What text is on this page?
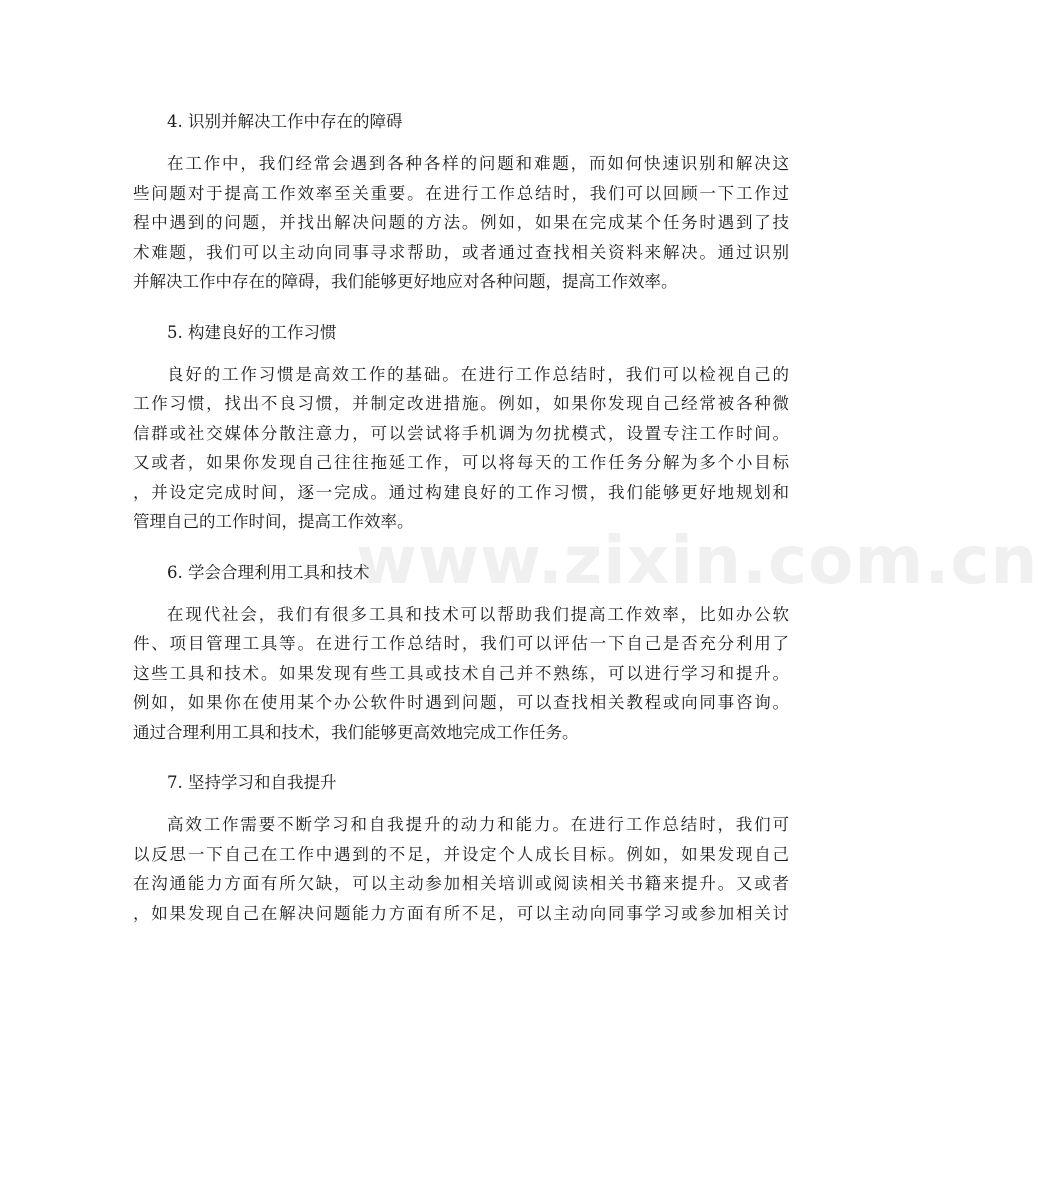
4. 识别并解决工作中存在的障碍
在工作中，我们经常会遇到各种各样的问题和难题，而如何快速识别和解决这
些问题对于提高工作效率至关重要。在进行工作总结时，我们可以回顾一下工作过
程中遇到的问题，并找出解决问题的方法。例如，如果在完成某个任务时遇到了技
术难题，我们可以主动向同事寻求帮助，或者通过查找相关资料来解决。通过识别
并解决工作中存在的障碍，我们能够更好地应对各种问题，提高工作效率。
5. 构建良好的工作习惯
良好的工作习惯是高效工作的基础。在进行工作总结时，我们可以检视自己的
工作习惯，找出不良习惯，并制定改进措施。例如，如果你发现自己经常被各种微
信群或社交媒体分散注意力，可以尝试将手机调为勿扰模式，设置专注工作时间。
又或者，如果你发现自己往往拖延工作，可以将每天的工作任务分解为多个小目标
，并设定完成时间，逐一完成。通过构建良好的工作习惯，我们能够更好地规划和
管理自己的工作时间，提高工作效率。
6. 学会合理利用工具和技术
在现代社会，我们有很多工具和技术可以帮助我们提高工作效率，比如办公软
件、项目管理工具等。在进行工作总结时，我们可以评估一下自己是否充分利用了
这些工具和技术。如果发现有些工具或技术自己并不熟练，可以进行学习和提升。
例如，如果你在使用某个办公软件时遇到问题，可以查找相关教程或向同事咨询。
通过合理利用工具和技术，我们能够更高效地完成工作任务。
7. 坚持学习和自我提升
高效工作需要不断学习和自我提升的动力和能力。在进行工作总结时，我们可
以反思一下自己在工作中遇到的不足，并设定个人成长目标。例如，如果发现自己
在沟通能力方面有所欠缺，可以主动参加相关培训或阅读相关书籍来提升。又或者
，如果发现自己在解决问题能力方面有所不足，可以主动向同事学习或参加相关讨
www.zixin.com.cn
